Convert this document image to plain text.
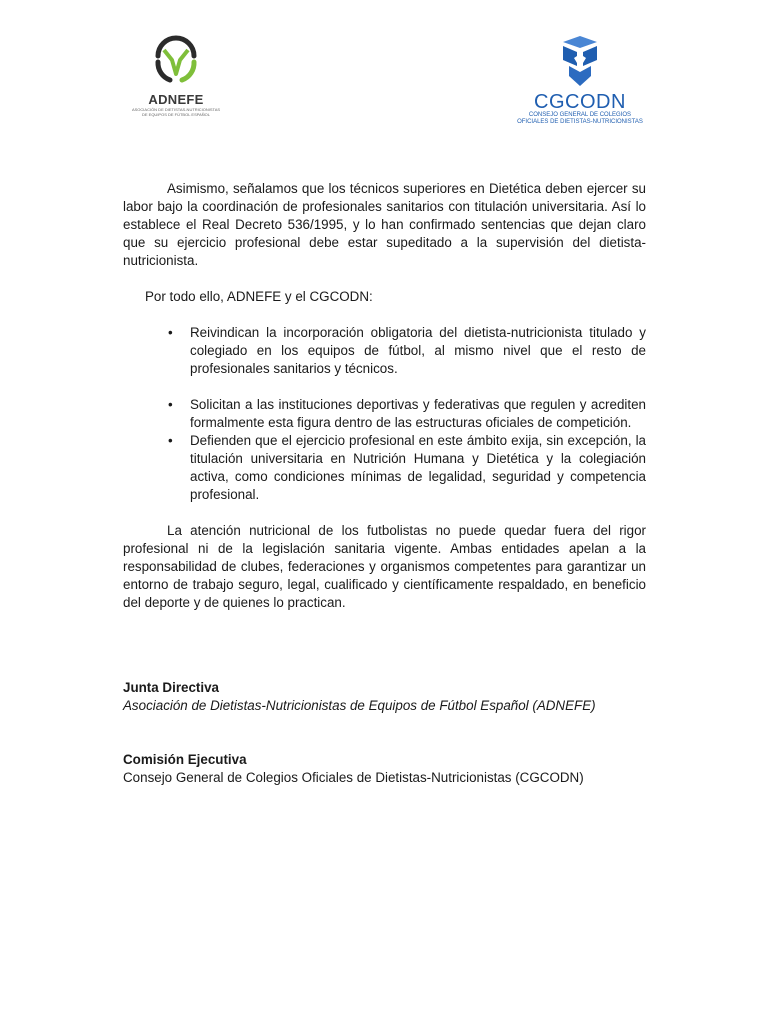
ADNEFE
ASOCIACIÓN DE DIETISTAS-NUTRICIONISTAS
DE EQUIPOS DE FÚTBOL ESPAÑOL
CGCODN
CONSEJO GENERAL DE COLEGIOS
OFICIALES DE DIETISTAS-NUTRICIONISTAS

Asimismo, señalamos que los técnicos superiores en Dietética deben ejercer su labor bajo la coordinación de profesionales sanitarios con titulación universitaria. Así lo establece el Real Decreto 536/1995, y lo han confirmado sentencias que dejan claro que su ejercicio profesional debe estar supeditado a la supervisión del dietista-nutricionista.

Por todo ello, ADNEFE y el CGCODN:

• Reivindican la incorporación obligatoria del dietista-nutricionista titulado y colegiado en los equipos de fútbol, al mismo nivel que el resto de profesionales sanitarios y técnicos.
• Solicitan a las instituciones deportivas y federativas que regulen y acrediten formalmente esta figura dentro de las estructuras oficiales de competición.
• Defienden que el ejercicio profesional en este ámbito exija, sin excepción, la titulación universitaria en Nutrición Humana y Dietética y la colegiación activa, como condiciones mínimas de legalidad, seguridad y competencia profesional.

La atención nutricional de los futbolistas no puede quedar fuera del rigor profesional ni de la legislación sanitaria vigente. Ambas entidades apelan a la responsabilidad de clubes, federaciones y organismos competentes para garantizar un entorno de trabajo seguro, legal, cualificado y científicamente respaldado, en beneficio del deporte y de quienes lo practican.

Junta Directiva
Asociación de Dietistas-Nutricionistas de Equipos de Fútbol Español (ADNEFE)
Comisión Ejecutiva
Consejo General de Colegios Oficiales de Dietistas-Nutricionistas (CGCODN)
